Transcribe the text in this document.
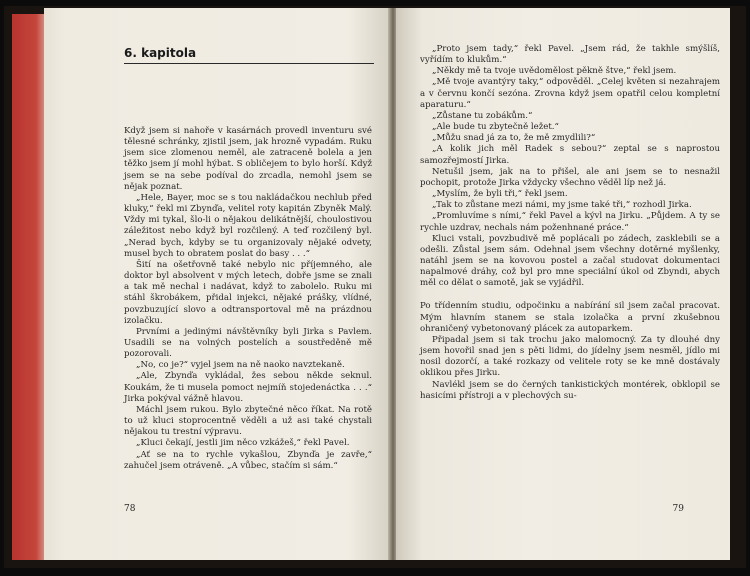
6. kapitola

Když jsem si nahoře v kasárnách provedl inventuru své tělesné schránky, zjistil jsem, jak hrozně vypadám. Ruku jsem sice zlomenou neměl, ale zatraceně bolela a jen těžko jsem jí mohl hýbat. S obličejem to bylo horší. Když jsem se na sebe podíval do zrcadla, nemohl jsem se nějak poznat.

„Hele, Bayer, moc se s tou nakládačkou nechlub před kluky,“ řekl mi Zbynďa, velitel roty kapitán Zbyněk Malý. Vždy mi tykal, šlo-li o nějakou delikátnější, choulostivou záležitost nebo když byl rozčilený. A teď rozčilený byl. „Nerad bych, kdyby se tu organizovaly nějaké odvety, musel bych to obratem poslat do basy . . .“

Šití na ošetřovně také nebylo nic příjemného, ale doktor byl absolvent v mých letech, dobře jsme se znali a tak mě nechal i nadávat, když to zabolelo. Ruku mi stáhl škrobákem, přidal injekci, nějaké prášky, vlídné, povzbuzující slovo a odtransportoval mě na prázdnou izolačku.

Prvními a jedinými návštěvníky byli Jirka s Pavlem. Usadili se na volných postelích a soustředěně mě pozorovali.

„No, co je?“ vyjel jsem na ně naoko navztekaně.

„Ale, Zbynďa vykládal, žes sebou někde seknul. Koukám, že ti musela pomoct nejmíň stojedenáctka . . .“ Jirka pokýval vážně hlavou.

Máchl jsem rukou. Bylo zbytečné něco říkat. Na rotě to už kluci stoprocentně věděli a už asi také chystali nějakou tu trestní výpravu.

„Kluci čekají, jestli jim něco vzkážeš,“ řekl Pavel.

„Ať se na to rychle vykašlou, Zbynďa je zavře,“ zahučel jsem otráveně. „A vůbec, stačím si sám.“

78

„Proto jsem tady,“ řekl Pavel. „Jsem rád, že takhle smýšlíš, vyřídím to klukům.“

„Někdy mě ta tvoje uvědomělost pěkně štve,“ řekl jsem.

„Mě tvoje avantýry taky,“ odpověděl. „Celej květen si nezahrajem a v červnu končí sezóna. Zrovna když jsem opatřil celou kompletní aparaturu.“

„Zůstane tu zobákům.“

„Ale bude tu zbytečně ležet.“

„Můžu snad já za to, že mě zmydlili?“

„A kolik jich měl Radek s sebou?“ zeptal se s naprostou samozřejmostí Jirka.

Netušil jsem, jak na to přišel, ale ani jsem se to nesnažil pochopit, protože Jirka vždycky všechno věděl líp než já.

„Myslím, že byli tři,“ řekl jsem.

„Tak to zůstane mezi námi, my jsme také tři,“ rozhodl Jirka.

„Promluvíme s ními,“ řekl Pavel a kývl na Jirku. „Půjdem. A ty se rychle uzdrav, nechals nám poženhnané práce.“

Kluci vstali, povzbudivě mě poplácali po zádech, zasklebili se a odešli. Zůstal jsem sám. Odehnal jsem všechny dotěrné myšlenky, natáhl jsem se na kovovou postel a začal studovat dokumentaci napalmové dráhy, což byl pro mne speciální úkol od Zbyndi, abych měl co dělat o samotě, jak se vyjádřil.

Po třídenním studiu, odpočinku a nabírání sil jsem začal pracovat. Mým hlavním stanem se stala izolačka a první zkušebnou ohraničený vybetonovaný plácek za autoparkem.

Připadal jsem si tak trochu jako malomocný. Za ty dlouhé dny jsem hovořil snad jen s pěti lidmi, do jídelny jsem nesměl, jídlo mi nosil dozorčí, a také rozkazy od velitele roty se ke mně dostávaly oklikou přes Jirku.

Navlékl jsem se do černých tankistických montérek, obklopil se hasicími přístroji a v plechových su-

79
